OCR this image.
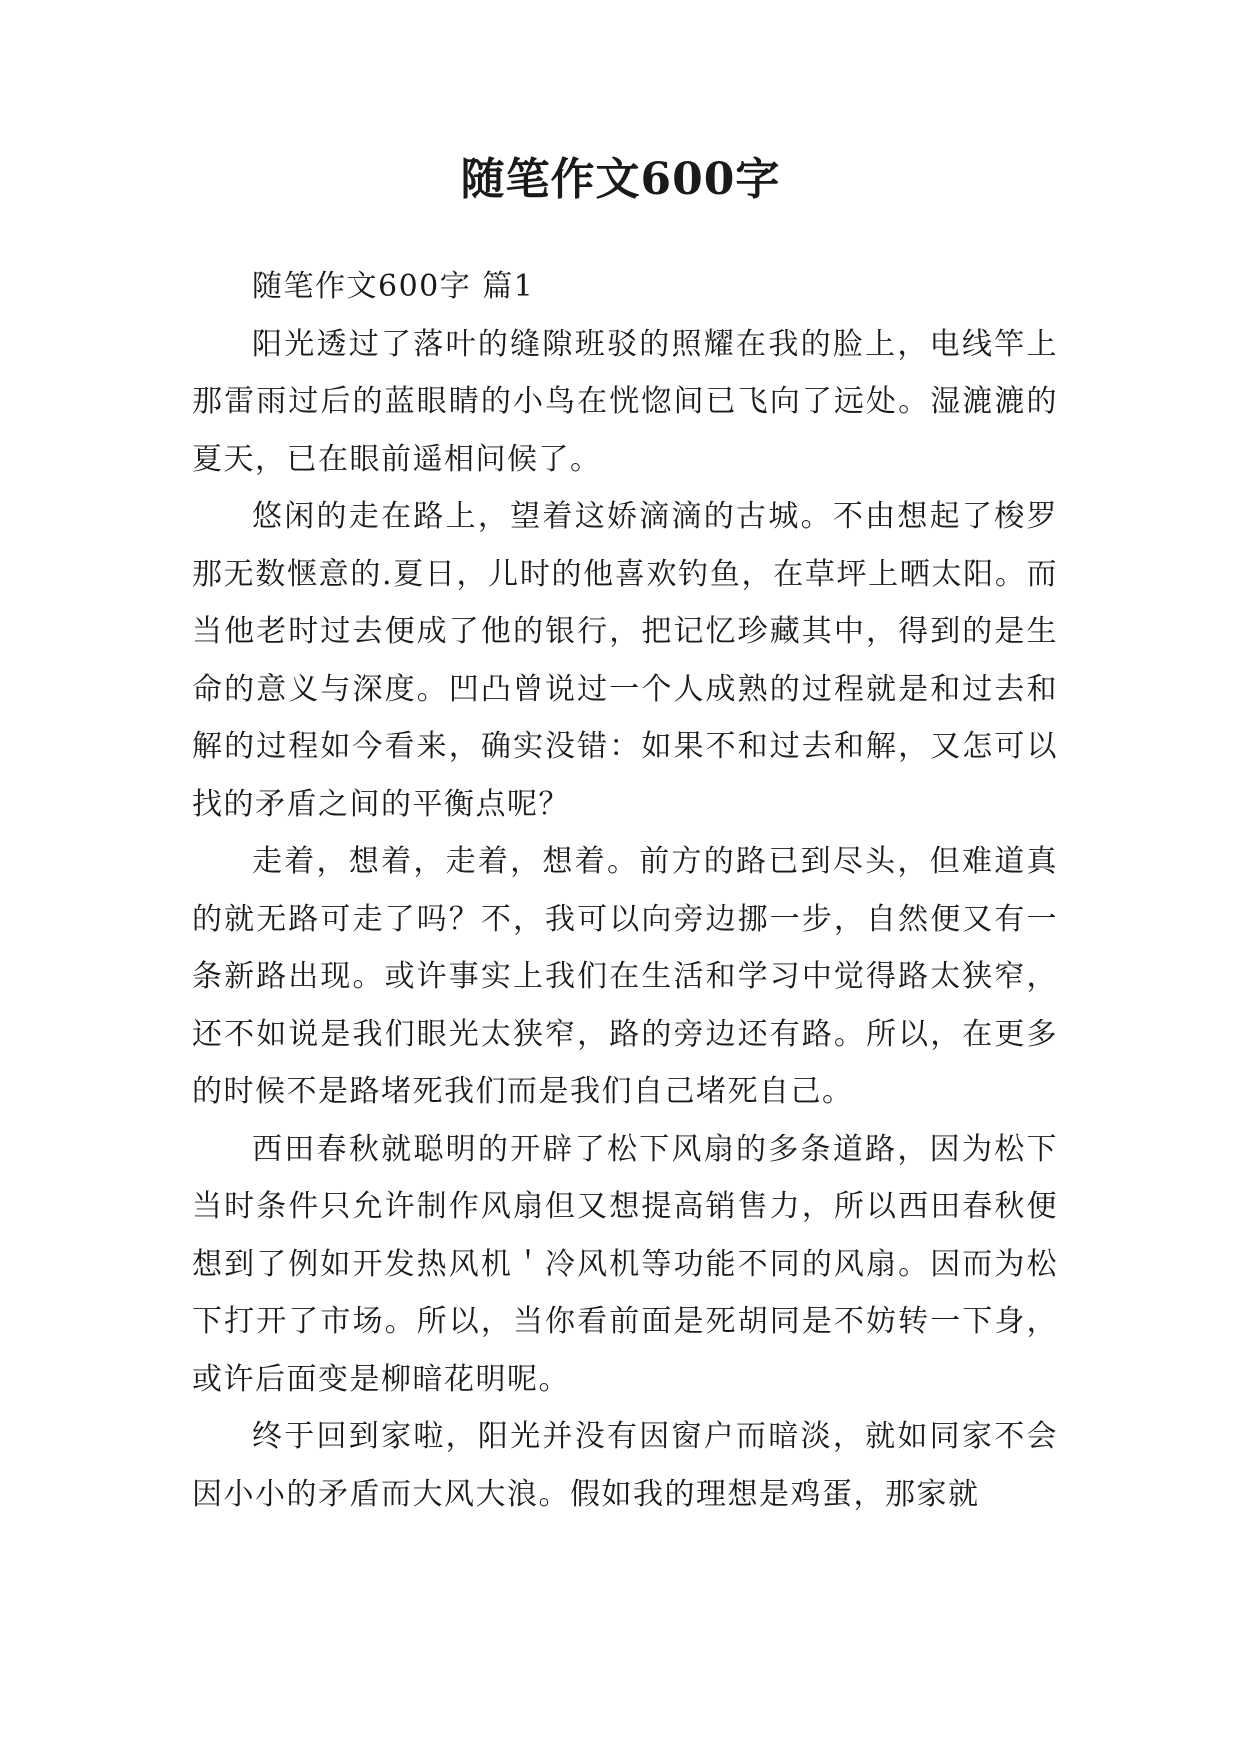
随笔作文600字

随笔作文600字 篇1

阳光透过了落叶的缝隙班驳的照耀在我的脸上，电线竿上那雷雨过后的蓝眼睛的小鸟在恍惚间已飞向了远处。湿漉漉的夏天，已在眼前遥相问候了。

悠闲的走在路上，望着这娇滴滴的古城。不由想起了梭罗那无数惬意的.夏日，儿时的他喜欢钓鱼，在草坪上晒太阳。而当他老时过去便成了他的银行，把记忆珍藏其中，得到的是生命的意义与深度。凹凸曾说过一个人成熟的过程就是和过去和解的过程如今看来，确实没错：如果不和过去和解，又怎可以找的矛盾之间的平衡点呢？

走着，想着，走着，想着。前方的路已到尽头，但难道真的就无路可走了吗？不，我可以向旁边挪一步，自然便又有一条新路出现。或许事实上我们在生活和学习中觉得路太狭窄，还不如说是我们眼光太狭窄，路的旁边还有路。所以，在更多的时候不是路堵死我们而是我们自己堵死自己。

西田春秋就聪明的开辟了松下风扇的多条道路，因为松下当时条件只允许制作风扇但又想提高销售力，所以西田春秋便想到了例如开发热风机＇冷风机等功能不同的风扇。因而为松下打开了市场。所以，当你看前面是死胡同是不妨转一下身，或许后面变是柳暗花明呢。

终于回到家啦，阳光并没有因窗户而暗淡，就如同家不会因小小的矛盾而大风大浪。假如我的理想是鸡蛋，那家就
